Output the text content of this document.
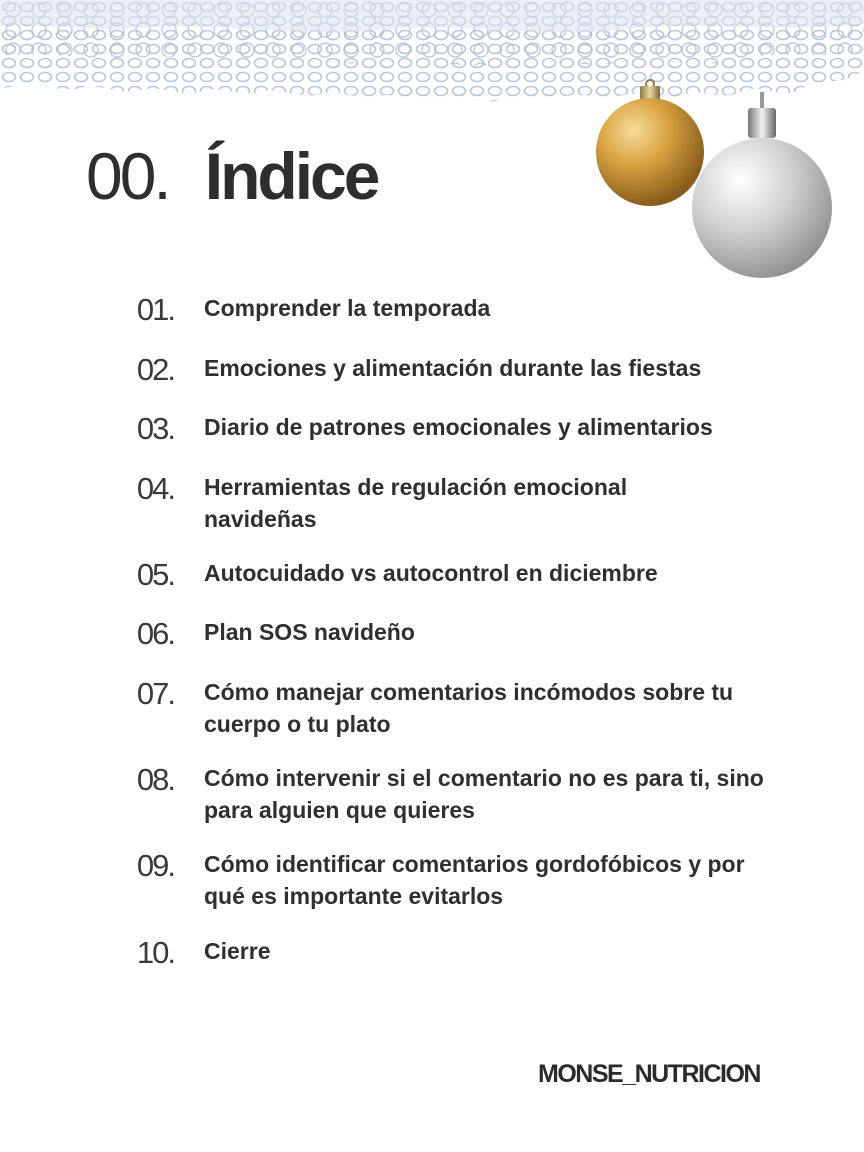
00. Índice
01. Comprender la temporada
02. Emociones y alimentación durante las fiestas
03. Diario de patrones emocionales y alimentarios
04. Herramientas de regulación emocional navideñas
05. Autocuidado vs autocontrol en diciembre
06. Plan SOS navideño
07. Cómo manejar comentarios incómodos sobre tu cuerpo o tu plato
08. Cómo intervenir si el comentario no es para ti, sino para alguien que quieres
09. Cómo identificar comentarios gordofóbicos y por qué es importante evitarlos
10. Cierre
MONSE_NUTRICION
